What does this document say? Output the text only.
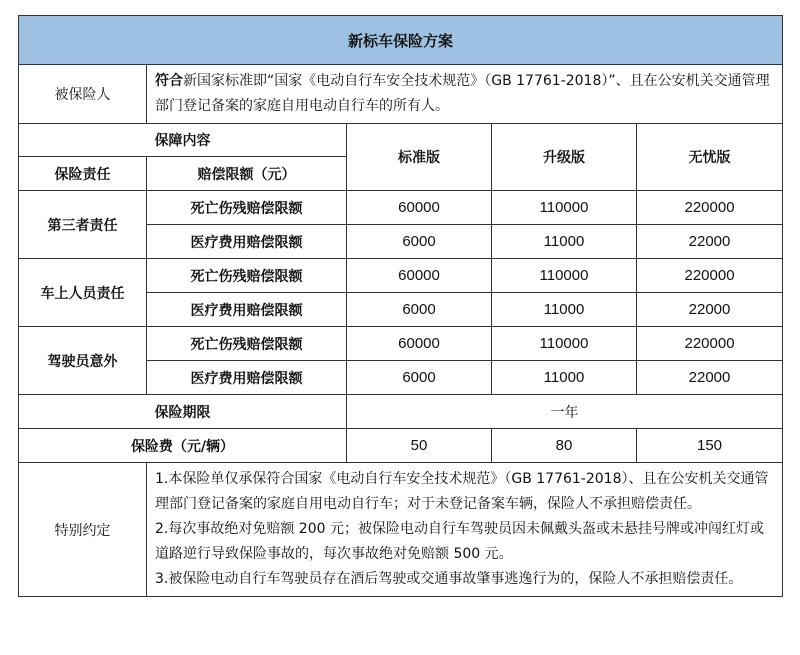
新标车保险方案				
被保险人	符合新国家标准即“国家《电动自行车安全技术规范》（GB 17761-2018）”、且在公安机关交通管理部门登记备案的家庭自用电动自行车的所有人。			
保障内容		标准版	升级版	无忧版
保险责任	赔偿限额（元）			
第三者责任	死亡伤残赔偿限额	60000	110000	220000
	医疗费用赔偿限额	6000	11000	22000
车上人员责任	死亡伤残赔偿限额	60000	110000	220000
	医疗费用赔偿限额	6000	11000	22000
驾驶员意外	死亡伤残赔偿限额	60000	110000	220000
	医疗费用赔偿限额	6000	11000	22000
保险期限		一年		
保险费（元/辆）		50	80	150
特别约定	1.本保险单仅承保符合国家《电动自行车安全技术规范》（GB 17761-2018）、且在公安机关交通管理部门登记备案的家庭自用电动自行车；对于未登记备案车辆，保险人不承担赔偿责任。

2.每次事故绝对免赔额 200 元；被保险电动自行车驾驶员因未佩戴头盔或未悬挂号牌或冲闯红灯或道路逆行导致保险事故的，每次事故绝对免赔额 500 元。

3.被保险电动自行车驾驶员存在酒后驾驶或交通事故肇事逃逸行为的，保险人不承担赔偿责任。			
